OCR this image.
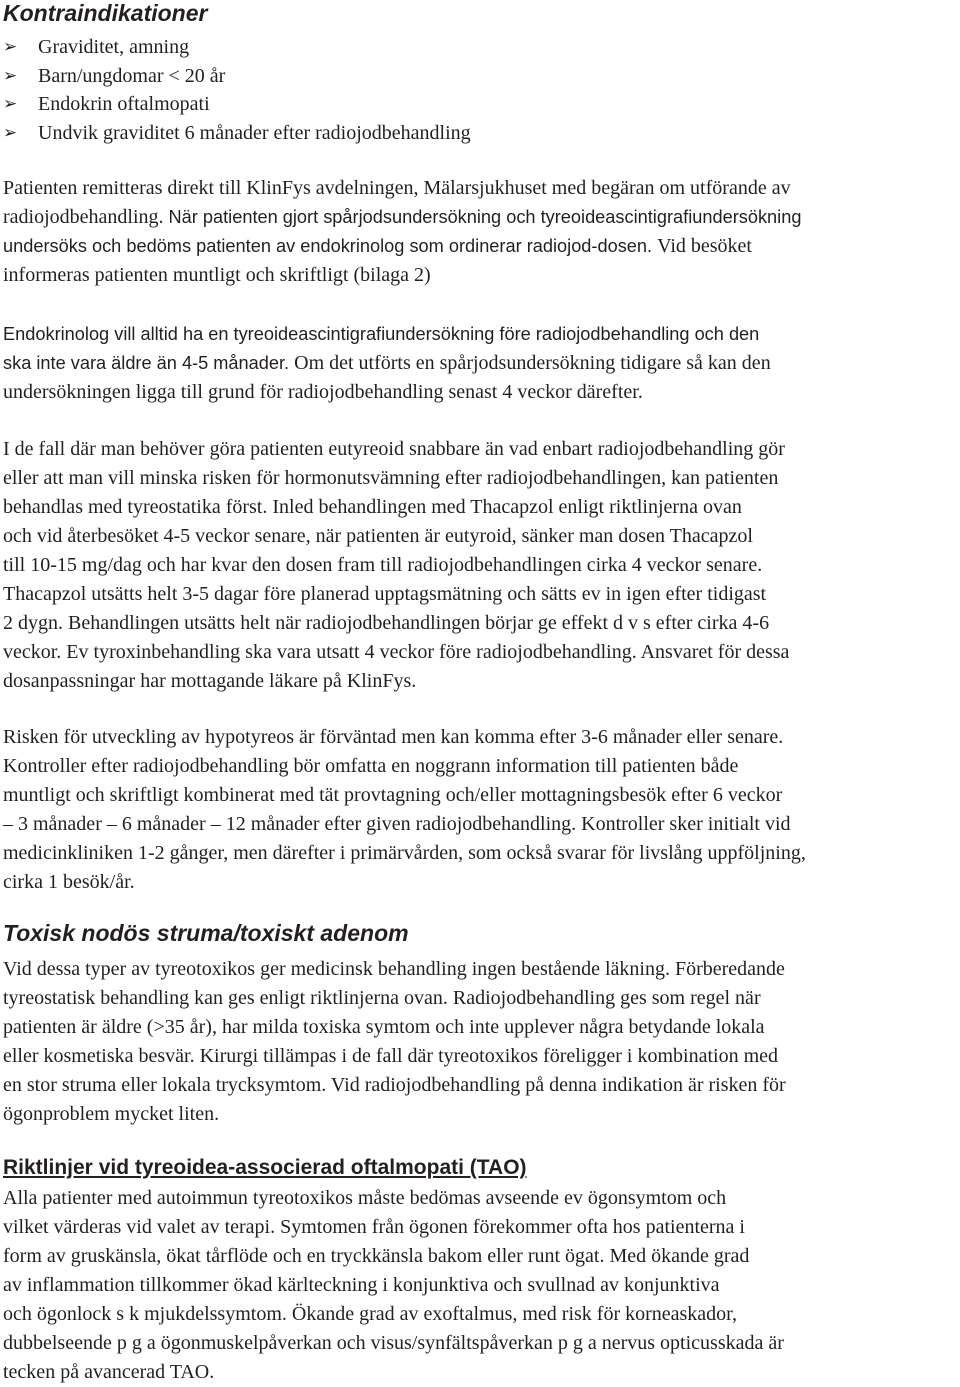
Kontraindikationer
➢ Graviditet, amning
➢ Barn/ungdomar < 20 år
➢ Endokrin oftalmopati
➢ Undvik graviditet 6 månader efter radiojodbehandling
Patienten remitteras direkt till KlinFys avdelningen, Mälarsjukhuset med begäran om utförande av
radiojodbehandling. När patienten gjort spårjodsundersökning och tyreoideascintigrafiundersökning
undersöks och bedöms patienten av endokrinolog som ordinerar radiojod-dosen. Vid besöket
informeras patienten muntligt och skriftligt (bilaga 2)
Endokrinolog vill alltid ha en tyreoideascintigrafiundersökning före radiojodbehandling och den
ska inte vara äldre än 4-5 månader. Om det utförts en spårjodsundersökning tidigare så kan den
undersökningen ligga till grund för radiojodbehandling senast 4 veckor därefter.
I de fall där man behöver göra patienten eutyreoid snabbare än vad enbart radiojodbehandling gör
eller att man vill minska risken för hormonutsvämning efter radiojodbehandlingen, kan patienten
behandlas med tyreostatika först. Inled behandlingen med Thacapzol enligt riktlinjerna ovan
och vid återbesöket 4-5 veckor senare, när patienten är eutyroid, sänker man dosen Thacapzol
till 10-15 mg/dag och har kvar den dosen fram till radiojodbehandlingen cirka 4 veckor senare.
Thacapzol utsätts helt 3-5 dagar före planerad upptagsmätning och sätts ev in igen efter tidigast
2 dygn. Behandlingen utsätts helt när radiojodbehandlingen börjar ge effekt d v s efter cirka 4-6
veckor. Ev tyroxinbehandling ska vara utsatt 4 veckor före radiojodbehandling. Ansvaret för dessa
dosanpassningar har mottagande läkare på KlinFys.
Risken för utveckling av hypotyreos är förväntad men kan komma efter 3-6 månader eller senare.
Kontroller efter radiojodbehandling bör omfatta en noggrann information till patienten både
muntligt och skriftligt kombinerat med tät provtagning och/eller mottagningsbesök efter 6 veckor
– 3 månader – 6 månader – 12 månader efter given radiojodbehandling. Kontroller sker initialt vid
medicinkliniken 1-2 gånger, men därefter i primärvården, som också svarar för livslång uppföljning,
cirka 1 besök/år.
Toxisk nodös struma/toxiskt adenom
Vid dessa typer av tyreotoxikos ger medicinsk behandling ingen bestående läkning. Förberedande
tyreostatisk behandling kan ges enligt riktlinjerna ovan. Radiojodbehandling ges som regel när
patienten är äldre (>35 år), har milda toxiska symtom och inte upplever några betydande lokala
eller kosmetiska besvär. Kirurgi tillämpas i de fall där tyreotoxikos föreligger i kombination med
en stor struma eller lokala trycksymtom. Vid radiojodbehandling på denna indikation är risken för
ögonproblem mycket liten.
Riktlinjer vid tyreoidea-associerad oftalmopati (TAO)
Alla patienter med autoimmun tyreotoxikos måste bedömas avseende ev ögonsymtom och
vilket värderas vid valet av terapi. Symtomen från ögonen förekommer ofta hos patienterna i
form av gruskänsla, ökat tårflöde och en tryckkänsla bakom eller runt ögat. Med ökande grad
av inflammation tillkommer ökad kärlteckning i konjunktiva och svullnad av konjunktiva
och ögonlock s k mjukdelssymtom. Ökande grad av exoftalmus, med risk för korneaskador,
dubbelseende p g a ögonmuskelpåverkan och visus/synfältspåverkan p g a nervus opticusskada är
tecken på avancerad TAO.
